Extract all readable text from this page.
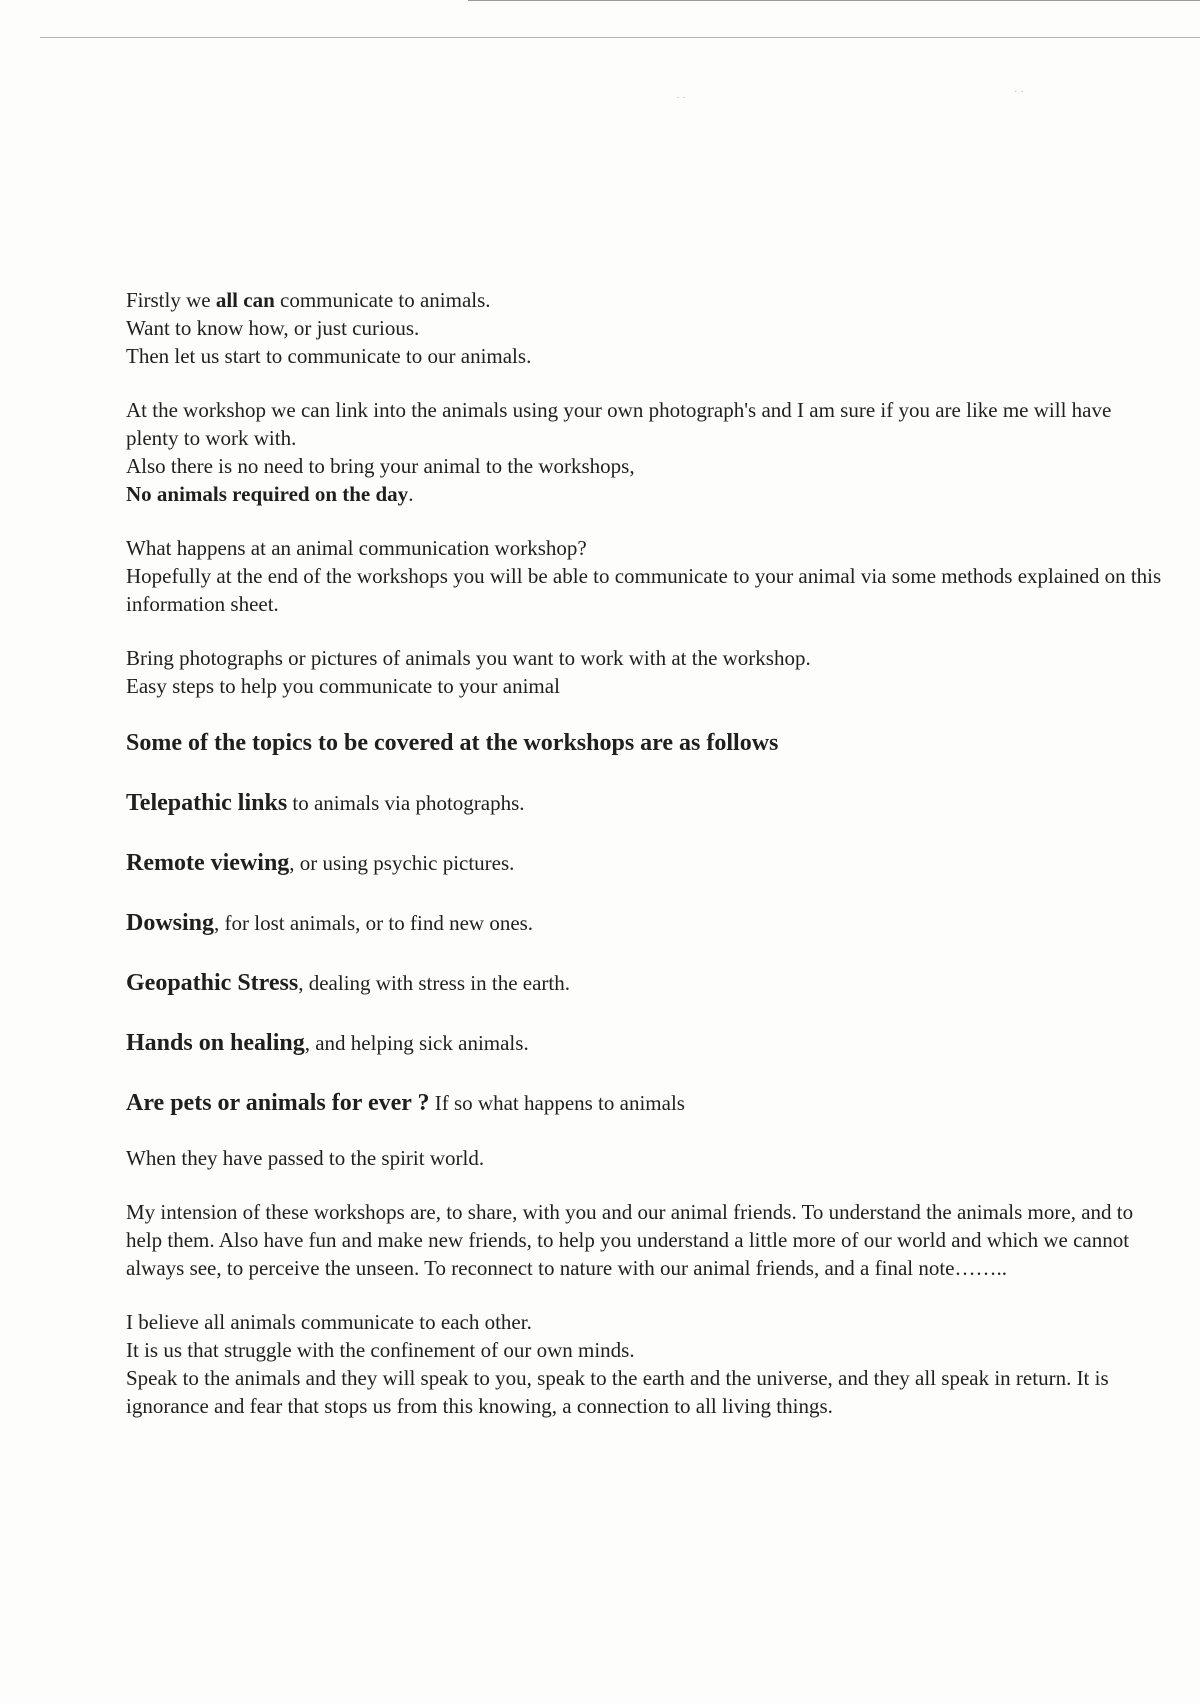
· ·	· ·

Firstly we all can communicate to animals.

Want to know how, or just curious.

Then let us start to communicate to our animals.

At the workshop we can link into the animals using your own photograph's and I am sure if you are like me will have plenty to work with.

Also there is no need to bring your animal to the workshops,

No animals required on the day.

What happens at an animal communication workshop?

Hopefully at the end of the workshops you will be able to communicate to your animal via some methods explained on this information sheet.

Bring photographs or pictures of animals you want to work with at the workshop.

Easy steps to help you communicate to your animal

Some of the topics to be covered at the workshops are as follows

Telepathic links to animals via photographs.

Remote viewing, or using psychic pictures.

Dowsing, for lost animals, or to find new ones.

Geopathic Stress, dealing with stress in the earth.

Hands on healing, and helping sick animals.

Are pets or animals for ever ? If so what happens to animals

When they have passed to the spirit world.

My intension of these workshops are, to share, with you and our animal friends. To understand the animals more, and to help them. Also have fun and make new friends, to help you understand a little more of our world and which we cannot always see, to perceive the unseen. To reconnect to nature with our animal friends, and a final note……..

I believe all animals communicate to each other.

It is us that struggle with the confinement of our own minds.

Speak to the animals and they will speak to you, speak to the earth and the universe, and they all speak in return. It is ignorance and fear that stops us from this knowing, a connection to all living things.
